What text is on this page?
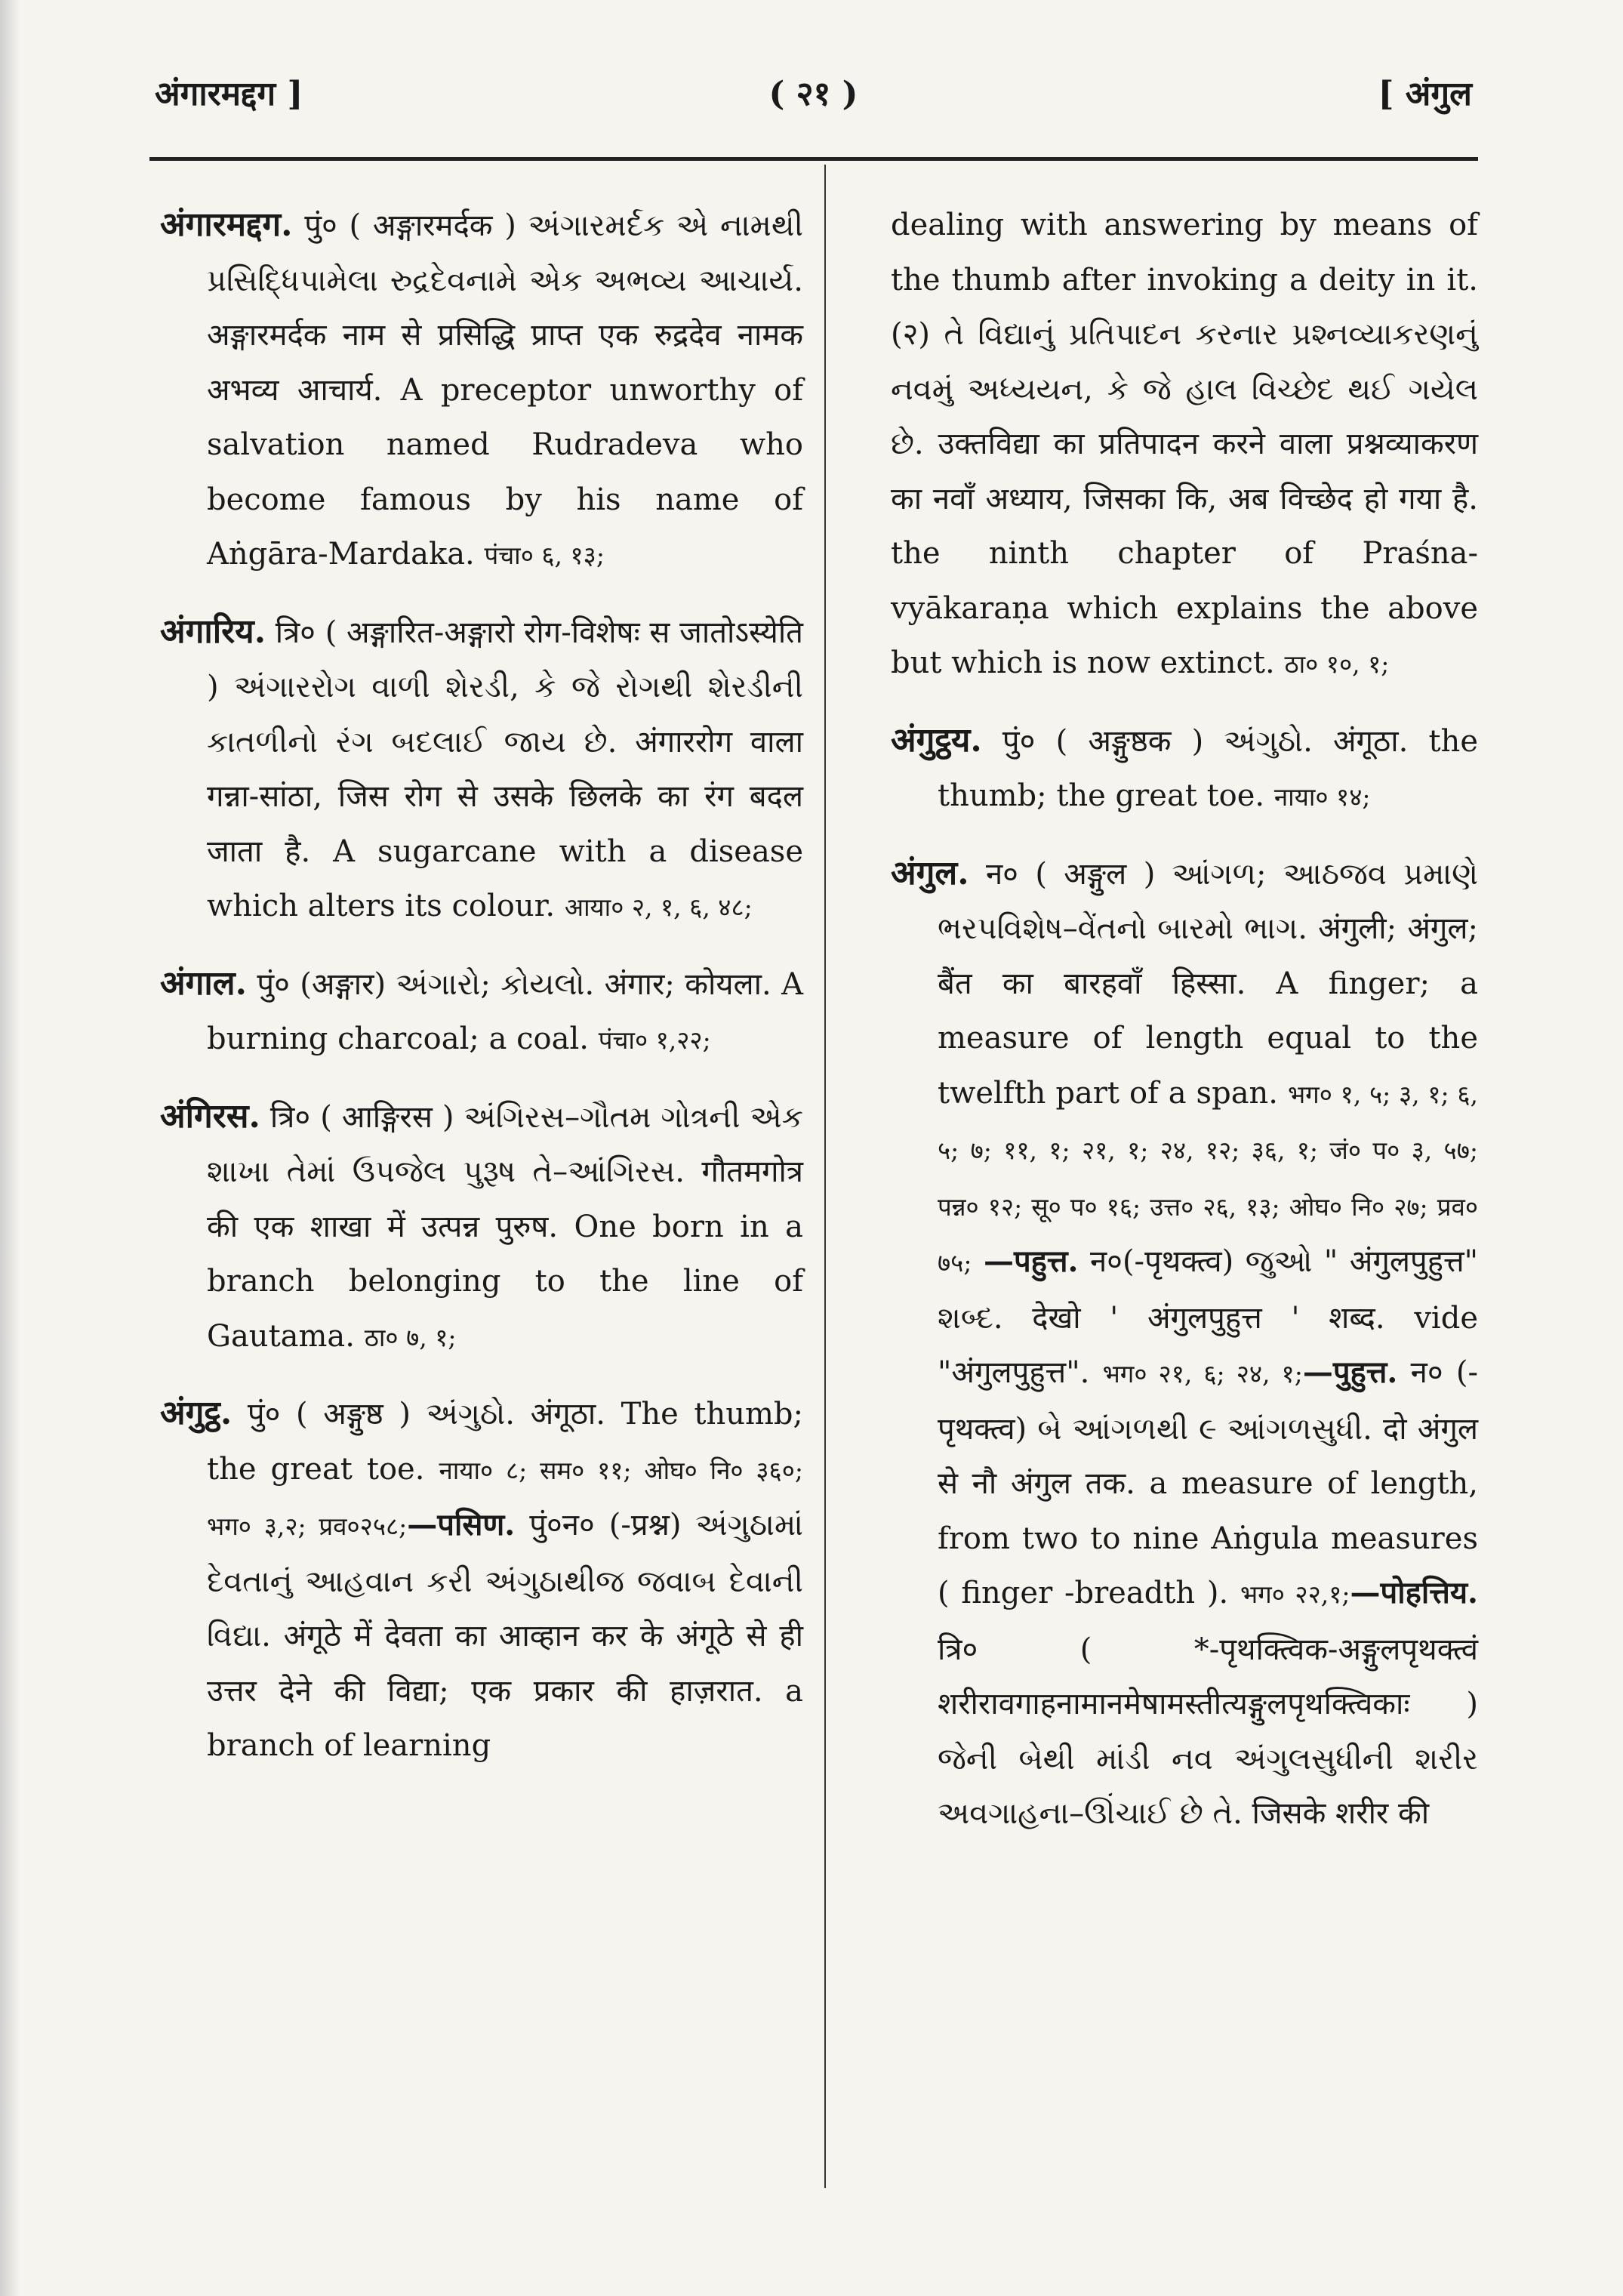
अंगारमद्दग ]	( २१ )	[ अंगुल
अंगारमद्दग. पुं० ( अङ्गारमर्दक ) અંગારમર્દક એ નામથી પ્રસિદ્ધિપામેલા રુદ્રદેવનામે એક અભવ્ય આચાર્ય. अङ्गारमर्दक नाम से प्रसिद्धि प्राप्त एक रुद्रदेव नामक अभव्य आचार्य. A preceptor unworthy of salvation named Rudradeva who become famous by his name of Aṅgāra-Mardaka. पंचा० ६, १३;
अंगारिय. त्रि० ( अङ्गारित-अङ्गारो रोग-विशेषः स जातोऽस्येति ) અંગારરોગ વાળી શેરડી, કે જે રોગથી શેરડીની કાતળીનો રંગ બદલાઈ જાય છે. अंगाररोग वाला गन्ना-सांठा, जिस रोग से उसके छिलके का रंग बदल जाता है. A sugarcane with a disease which alters its colour. आया० २, १, ६, ४८;
अंगाल. पुं० (अङ्गार) અંગારો; કોયલો. अंगार; कोयला. A burning charcoal; a coal. पंचा० १,२२;
अंगिरस. त्रि० ( आङ्गिरस ) અંગિરસ–ગૌતમ ગોત્રની એક શાખા તેમાં ઉપજેલ પુરૂષ તે–આંગિરસ. गौतमगोत्र की एक शाखा में उत्पन्न पुरुष. One born in a branch belonging to the line of Gautama. ठा० ७, १;
अंगुट्ठ. पुं० ( अङ्गुष्ठ ) અંગુઠો. अंगूठा. The thumb; the great toe. नाया० ८; सम० ११; ओघ० नि० ३६०; भग० ३,२; प्रव०२५८;—पसिण. पुं०न० (-प्रश्न) અંગુઠામાં દેવતાનું આહવાન કરી અંગુઠાથીજ જવાબ દેવાની વિદ્યા. अंगूठे में देवता का आव्हान कर के अंगूठे से ही उत्तर देने की विद्या; एक प्रकार की हाज़रात. a branch of learning
dealing with answering by means of the thumb after invoking a deity in it. (२) તે વિદ્યાનું પ્રતિપાદન કરનાર પ્રશ્નવ્યાકરણનું નવમું અધ્યયન, કે જે હાલ વિચ્છેદ થઈ ગયેલ છે. उक्तविद्या का प्रतिपादन करने वाला प्रश्नव्याकरण का नवाँ अध्याय, जिसका कि, अब विच्छेद हो गया है. the ninth chapter of Praśna-vyākaraṇa which explains the above but which is now extinct. ठा० १०, १;
अंगुट्ठय. पुं० ( अङ्गुष्ठक ) અંગુઠો. अंगूठा. the thumb; the great toe. नाया० १४;
अंगुल. न० ( अङ्गुल ) આંગળ; આઠજવ પ્રમાણે ભરપવિશેષ–વેંતનો બારમો ભાગ. अंगुली; अंगुल; बैंत का बारहवाँ हिस्सा. A finger; a measure of length equal to the twelfth part of a span. भग० १, ५; ३, १; ६, ५; ७; ११, १; २१, १; २४, १२; ३६, १; जं० प० ३, ५७; पन्न० १२; सू० प० १६; उत्त० २६, १३; ओघ० नि० २७; प्रव० ७५; —पहुत्त. न०(-पृथक्त्व) જુઓ " अंगुलपुहुत्त" શબ્દ. देखो ' अंगुलपुहुत्त ' शब्द. vide "अंगुलपुहुत्त". भग० २१, ६; २४, १;—पुहुत्त. न० (-पृथक्त्व) બે આંગળથી ૯ આંગળસુધી. दो अंगुल से नौ अंगुल तक. a measure of length, from two to nine Aṅgula measures ( finger -breadth ). भग० २२,१;—पोहत्तिय. त्रि० ( *-पृथक्त्विक-अङ्गुलपृथक्त्वं शरीरावगाहनामानमेषामस्तीत्यङ्गुलपृथक्त्विकाः ) જેની બેથી માંડી નવ અંગુલસુધીની શરીર અવગાહના–ઊંચાઈ છે તે. जिसके शरीर की
